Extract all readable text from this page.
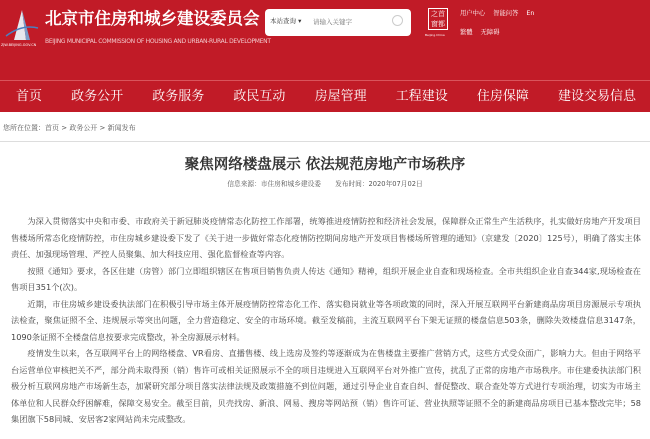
ZJW.BEIJING.GOV.CN
北京市住房和城乡建设委员会
BEIJING MUNICIPAL COMMISSION OF HOUSING AND URBAN-RURAL DEVELOPMENT
本站查询 ▾
请输入关键字
之首 窗都
Beijing·China
用户中心 智能问答 En
繁體 无障碍
首页 政务公开 政务服务 政民互动 房屋管理 工程建设 住房保障 建设交易信息
您所在位置：首页 > 政务公开 > 新闻发布
聚焦网络楼盘展示 依法规范房地产市场秩序
信息来源：市住房和城乡建设委 发布时间：2020年07月02日

为深入贯彻落实中央和市委、市政府关于新冠肺炎疫情常态化防控工作部署，统筹推进疫情防控和经济社会发展，保障群众正常生产生活秩序，扎实做好房地产开发项目售楼场所常态化疫情防控，市住房城乡建设委下发了《关于进一步做好常态化疫情防控期间房地产开发项目售楼场所管理的通知》（京建发〔2020〕125号），明确了落实主体责任、加强现场管理、严控人员聚集、加大科技应用、强化监督检查等内容。

按照《通知》要求，各区住建（房管）部门立即组织辖区在售项目销售负责人传达《通知》精神，组织开展企业自查和现场检查。全市共组织企业自查344家,现场检查在售项目351个(次)。

近期，市住房城乡建设委执法部门在积极引导市场主体开展疫情防控常态化工作、落实稳岗就业等各项政策的同时，深入开展互联网平台新建商品房项目房源展示专项执法检查，聚焦证照不全、违规展示等突出问题，全力营造稳定、安全的市场环境。截至发稿前，主流互联网平台下架无证照的楼盘信息503条，删除失效楼盘信息3147条，1090条证照不全楼盘信息按要求完成整改，补全房源展示材料。

疫情发生以来，各互联网平台上的网络楼盘、VR看房、直播售楼、线上选房及签约等逐渐成为在售楼盘主要推广营销方式，这些方式受众面广，影响力大。但由于网络平台运营单位审核把关不严，部分尚未取得预（销）售许可或相关证照展示不全的项目违规进入互联网平台对外推广宣传，扰乱了正常的房地产市场秩序。市住建委执法部门积极分析互联网房地产市场新生态，加紧研究部分项目落实法律法规及政策措施不到位问题，通过引导企业自查自纠、督促整改、联合查处等方式进行专项治理，切实为市场主体单位和人民群众纾困解难，保障交易安全。截至目前，贝壳找房、新浪、网易、搜房等网站预（销）售许可证、营业执照等证照不全的新建商品房项目已基本整改完毕；58集团旗下58同城、安居客2家网站尚未完成整改。
